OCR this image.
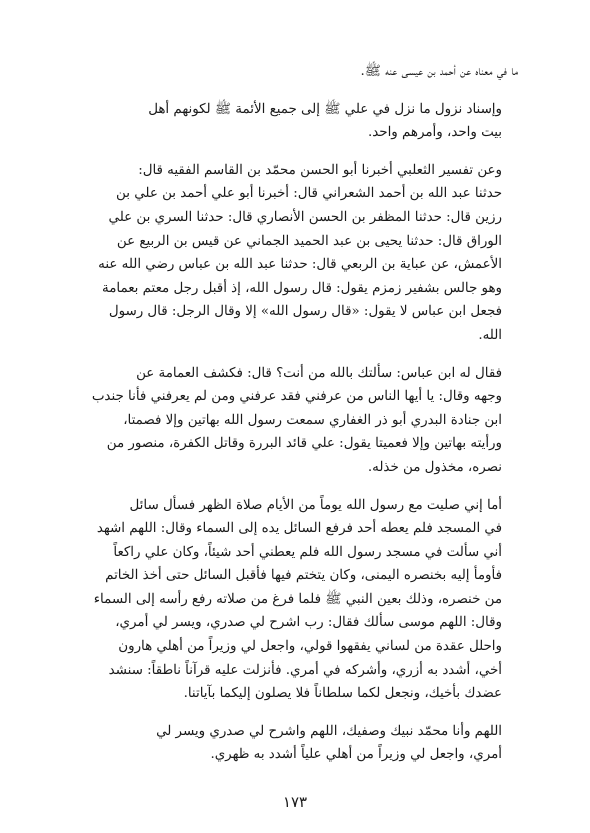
ما في معناه عن أحمد بن عيسى عنه ﷺ.

وإسناد نزول ما نزل في علي ﷺ إلى جميع الأئمة ﷺ لكونهم أهل
بيت واحد، وأمرهم واحد.

وعن تفسير الثعلبي أخبرنا أبو الحسن محمّد بن القاسم الفقيه قال:
حدثنا عبد الله بن أحمد الشعراني قال: أخبرنا أبو علي أحمد بن علي بن
رزين قال: حدثنا المظفر بن الحسن الأنصاري قال: حدثنا السري بن علي
الوراق قال: حدثنا يحيى بن عبد الحميد الجماني عن قيس بن الربيع عن
الأعمش، عن عباية بن الربعي قال: حدثنا عبد الله بن عباس رضي الله عنه
وهو جالس بشفير زمزم يقول: قال رسول الله، إذ أقبل رجل معتم بعمامة
فجعل ابن عباس لا يقول: «قال رسول الله» إلا وقال الرجل: قال رسول
الله.

فقال له ابن عباس: سألتك بالله من أنت؟ قال: فكشف العمامة عن
وجهه وقال: يا أيها الناس من عرفني فقد عرفني ومن لم يعرفني فأنا جندب
ابن جنادة البدري أبو ذر الغفاري سمعت رسول الله بهاتين وإلا فصمتا،
ورأيته بهاتين وإلا فعميتا يقول: علي قائد البررة وقاتل الكفرة، منصور من
نصره، مخذول من خذله.

أما إني صليت مع رسول الله يوماً من الأيام صلاة الظهر فسأل سائل
في المسجد فلم يعطه أحد فرفع السائل يده إلى السماء وقال: اللهم اشهد
أني سألت في مسجد رسول الله فلم يعطني أحد شيئاً، وكان علي راكعاً
فأومأ إليه بخنصره اليمنى، وكان يتختم فيها فأقبل السائل حتى أخذ الخاتم
من خنصره، وذلك بعين النبي ﷺ فلما فرغ من صلاته رفع رأسه إلى السماء
وقال: اللهم موسى سألك فقال: رب اشرح لي صدري، ويسر لي أمري،
واحلل عقدة من لساني يفقهوا قولي، واجعل لي وزيراً من أهلي هارون
أخي، أشدد به أزري، وأشركه في أمري. فأنزلت عليه قرآناً ناطقاً: سنشد
عضدك بأخيك، ونجعل لكما سلطاناً فلا يصلون إليكما بآياتنا.

اللهم وأنا محمّد نبيك وصفيك، اللهم واشرح لي صدري ويسر لي
أمري، واجعل لي وزيراً من أهلي علياً أشدد به ظهري.

١٧٣
